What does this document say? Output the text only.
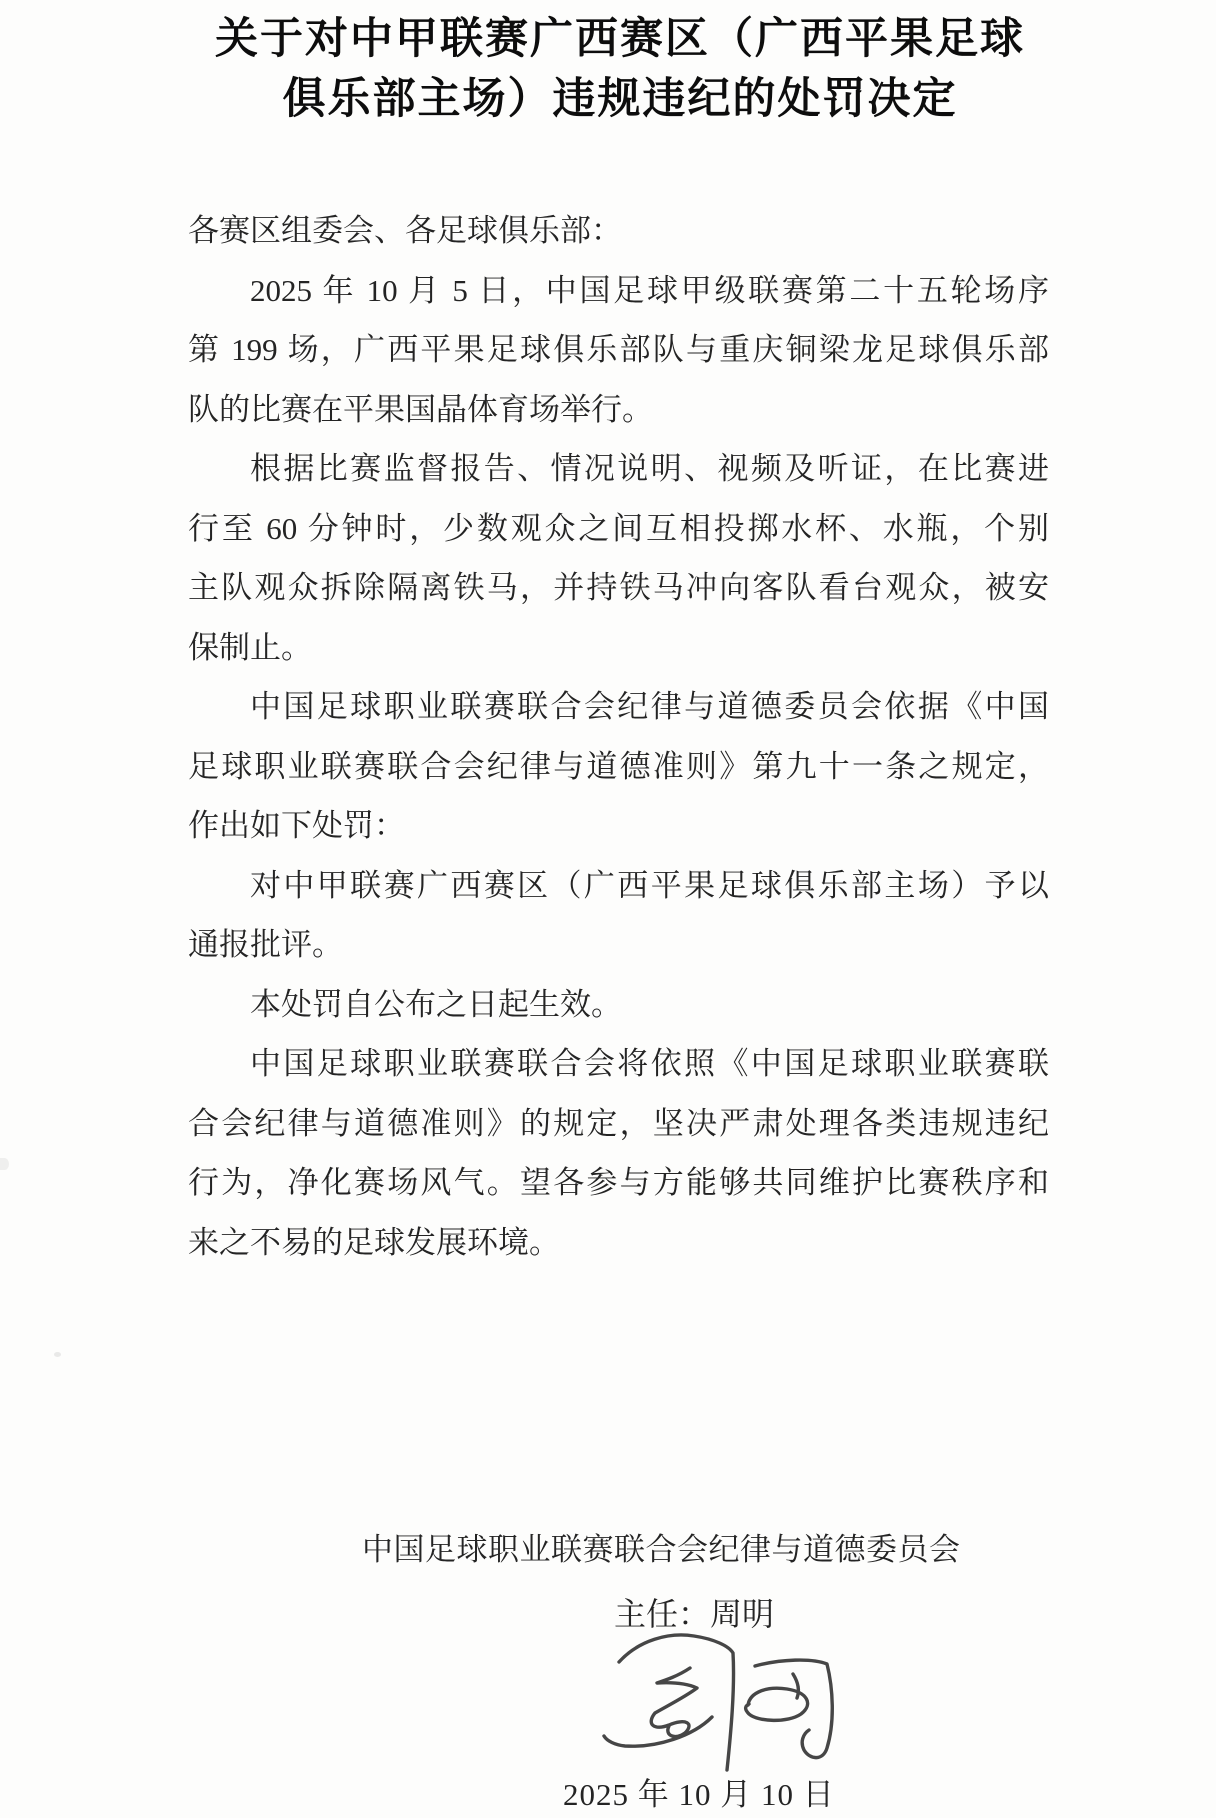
关于对中甲联赛广西赛区（广西平果足球
俱乐部主场）违规违纪的处罚决定
各赛区组委会、各足球俱乐部：
2025 年 10 月 5 日，中国足球甲级联赛第二十五轮场序
第 199 场，广西平果足球俱乐部队与重庆铜梁龙足球俱乐部
队的比赛在平果国晶体育场举行。
根据比赛监督报告、情况说明、视频及听证，在比赛进
行至 60 分钟时，少数观众之间互相投掷水杯、水瓶，个别
主队观众拆除隔离铁马，并持铁马冲向客队看台观众，被安
保制止。
中国足球职业联赛联合会纪律与道德委员会依据《中国
足球职业联赛联合会纪律与道德准则》第九十一条之规定，
作出如下处罚：
对中甲联赛广西赛区（广西平果足球俱乐部主场）予以
通报批评。
本处罚自公布之日起生效。
中国足球职业联赛联合会将依照《中国足球职业联赛联
合会纪律与道德准则》的规定，坚决严肃处理各类违规违纪
行为，净化赛场风气。望各参与方能够共同维护比赛秩序和
来之不易的足球发展环境。
中国足球职业联赛联合会纪律与道德委员会
主任：周明
2025 年 10 月 10 日
